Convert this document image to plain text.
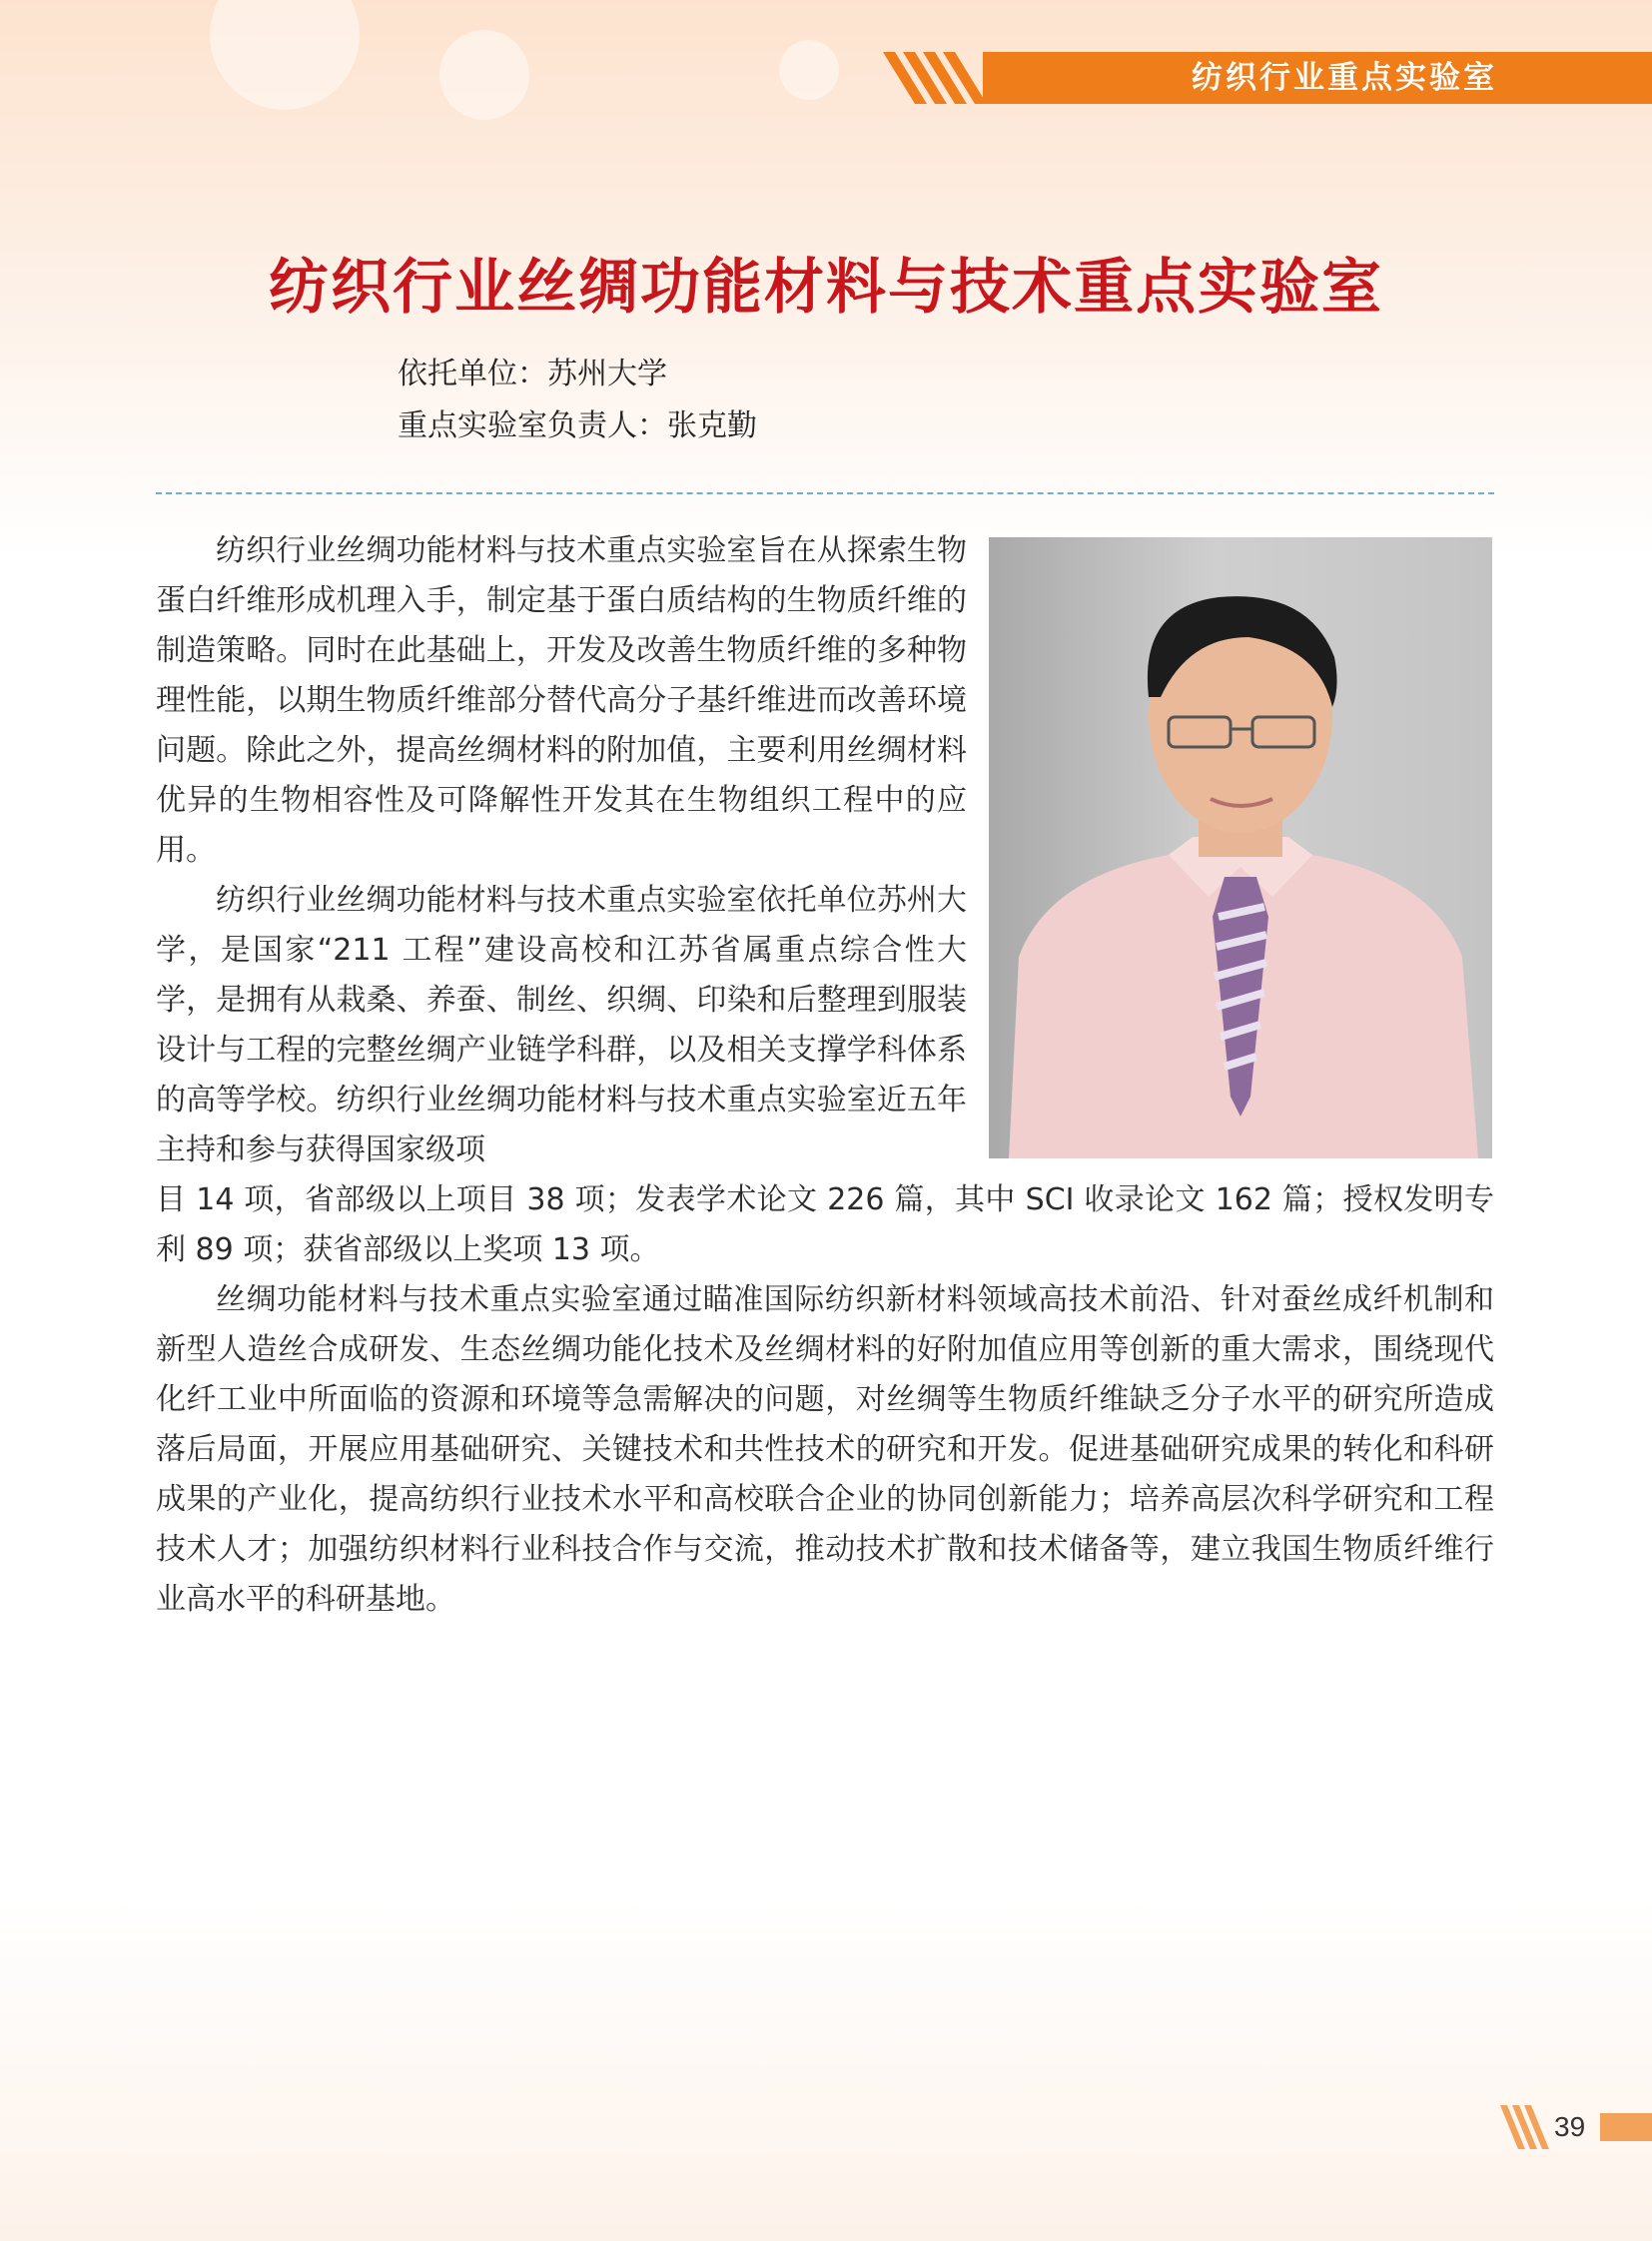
纺织行业重点实验室
纺织行业丝绸功能材料与技术重点实验室
依托单位：苏州大学
重点实验室负责人：张克勤

纺织行业丝绸功能材料与技术重点实验室旨在从探索生物蛋白纤维形成机理入手，制定基于蛋白质结构的生物质纤维的制造策略。同时在此基础上，开发及改善生物质纤维的多种物理性能，以期生物质纤维部分替代高分子基纤维进而改善环境问题。除此之外，提高丝绸材料的附加值，主要利用丝绸材料优异的生物相容性及可降解性开发其在生物组织工程中的应用。

纺织行业丝绸功能材料与技术重点实验室依托单位苏州大学，是国家“211 工程”建设高校和江苏省属重点综合性大学，是拥有从栽桑、养蚕、制丝、织绸、印染和后整理到服装设计与工程的完整丝绸产业链学科群，以及相关支撑学科体系的高等学校。纺织行业丝绸功能材料与技术重点实验室近五年主持和参与获得国家级项

目 14 项，省部级以上项目 38 项；发表学术论文 226 篇，其中 SCI 收录论文 162 篇；授权发明专利 89 项；获省部级以上奖项 13 项。

丝绸功能材料与技术重点实验室通过瞄准国际纺织新材料领域高技术前沿、针对蚕丝成纤机制和新型人造丝合成研发、生态丝绸功能化技术及丝绸材料的好附加值应用等创新的重大需求，围绕现代化纤工业中所面临的资源和环境等急需解决的问题，对丝绸等生物质纤维缺乏分子水平的研究所造成落后局面，开展应用基础研究、关键技术和共性技术的研究和开发。促进基础研究成果的转化和科研成果的产业化，提高纺织行业技术水平和高校联合企业的协同创新能力；培养高层次科学研究和工程技术人才；加强纺织材料行业科技合作与交流，推动技术扩散和技术储备等，建立我国生物质纤维行业高水平的科研基地。

39
